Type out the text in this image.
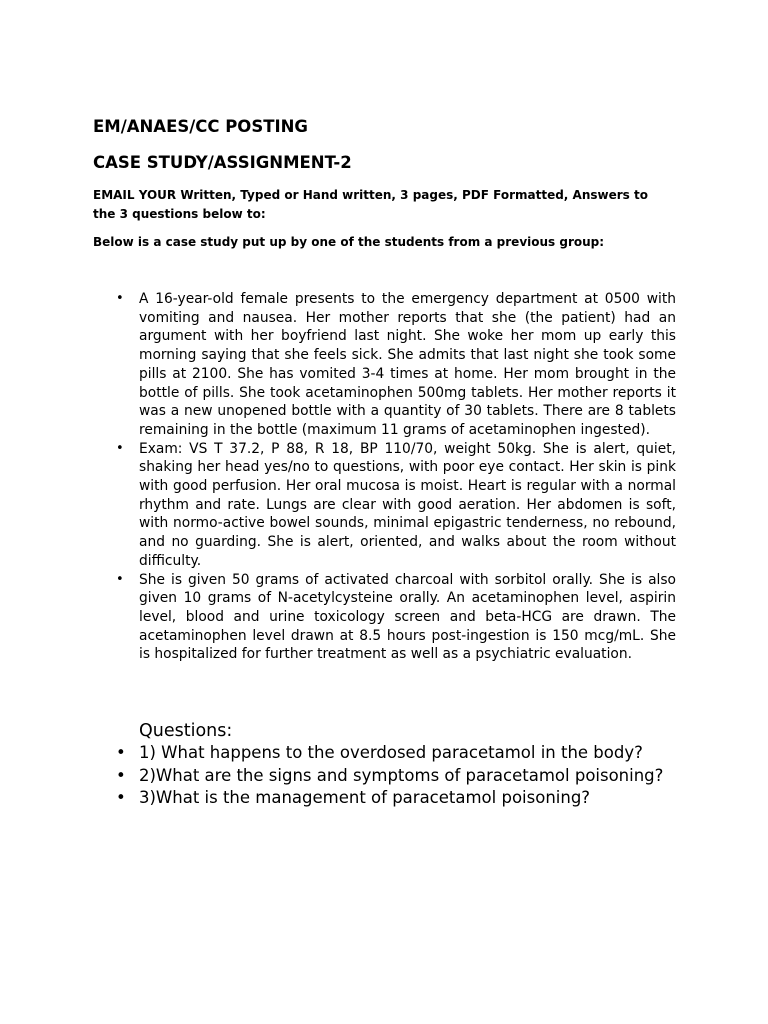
EM/ANAES/CC POSTING
CASE STUDY/ASSIGNMENT-2
EMAIL YOUR Written, Typed or Hand written, 3 pages, PDF Formatted, Answers to the 3 questions below to:
Below is a case study put up by one of the students from a previous group:
• A 16-year-old female presents to the emergency department at 0500 with vomiting and nausea. Her mother reports that she (the patient) had an argument with her boyfriend last night. She woke her mom up early this morning saying that she feels sick. She admits that last night she took some pills at 2100. She has vomited 3-4 times at home. Her mom brought in the bottle of pills. She took acetaminophen 500mg tablets. Her mother reports it was a new unopened bottle with a quantity of 30 tablets. There are 8 tablets remaining in the bottle (maximum 11 grams of acetaminophen ingested).
• Exam: VS T 37.2, P 88, R 18, BP 110/70, weight 50kg. She is alert, quiet, shaking her head yes/no to questions, with poor eye contact. Her skin is pink with good perfusion. Her oral mucosa is moist. Heart is regular with a normal rhythm and rate. Lungs are clear with good aeration. Her abdomen is soft, with normo-active bowel sounds, minimal epigastric tenderness, no rebound, and no guarding. She is alert, oriented, and walks about the room without difficulty.
• She is given 50 grams of activated charcoal with sorbitol orally. She is also given 10 grams of N-acetylcysteine orally. An acetaminophen level, aspirin level, blood and urine toxicology screen and beta-HCG are drawn. The acetaminophen level drawn at 8.5 hours post-ingestion is 150 mcg/mL. She is hospitalized for further treatment as well as a psychiatric evaluation.
Questions:
• 1) What happens to the overdosed paracetamol in the body?
• 2)What are the signs and symptoms of paracetamol poisoning?
• 3)What is the management of paracetamol poisoning?
